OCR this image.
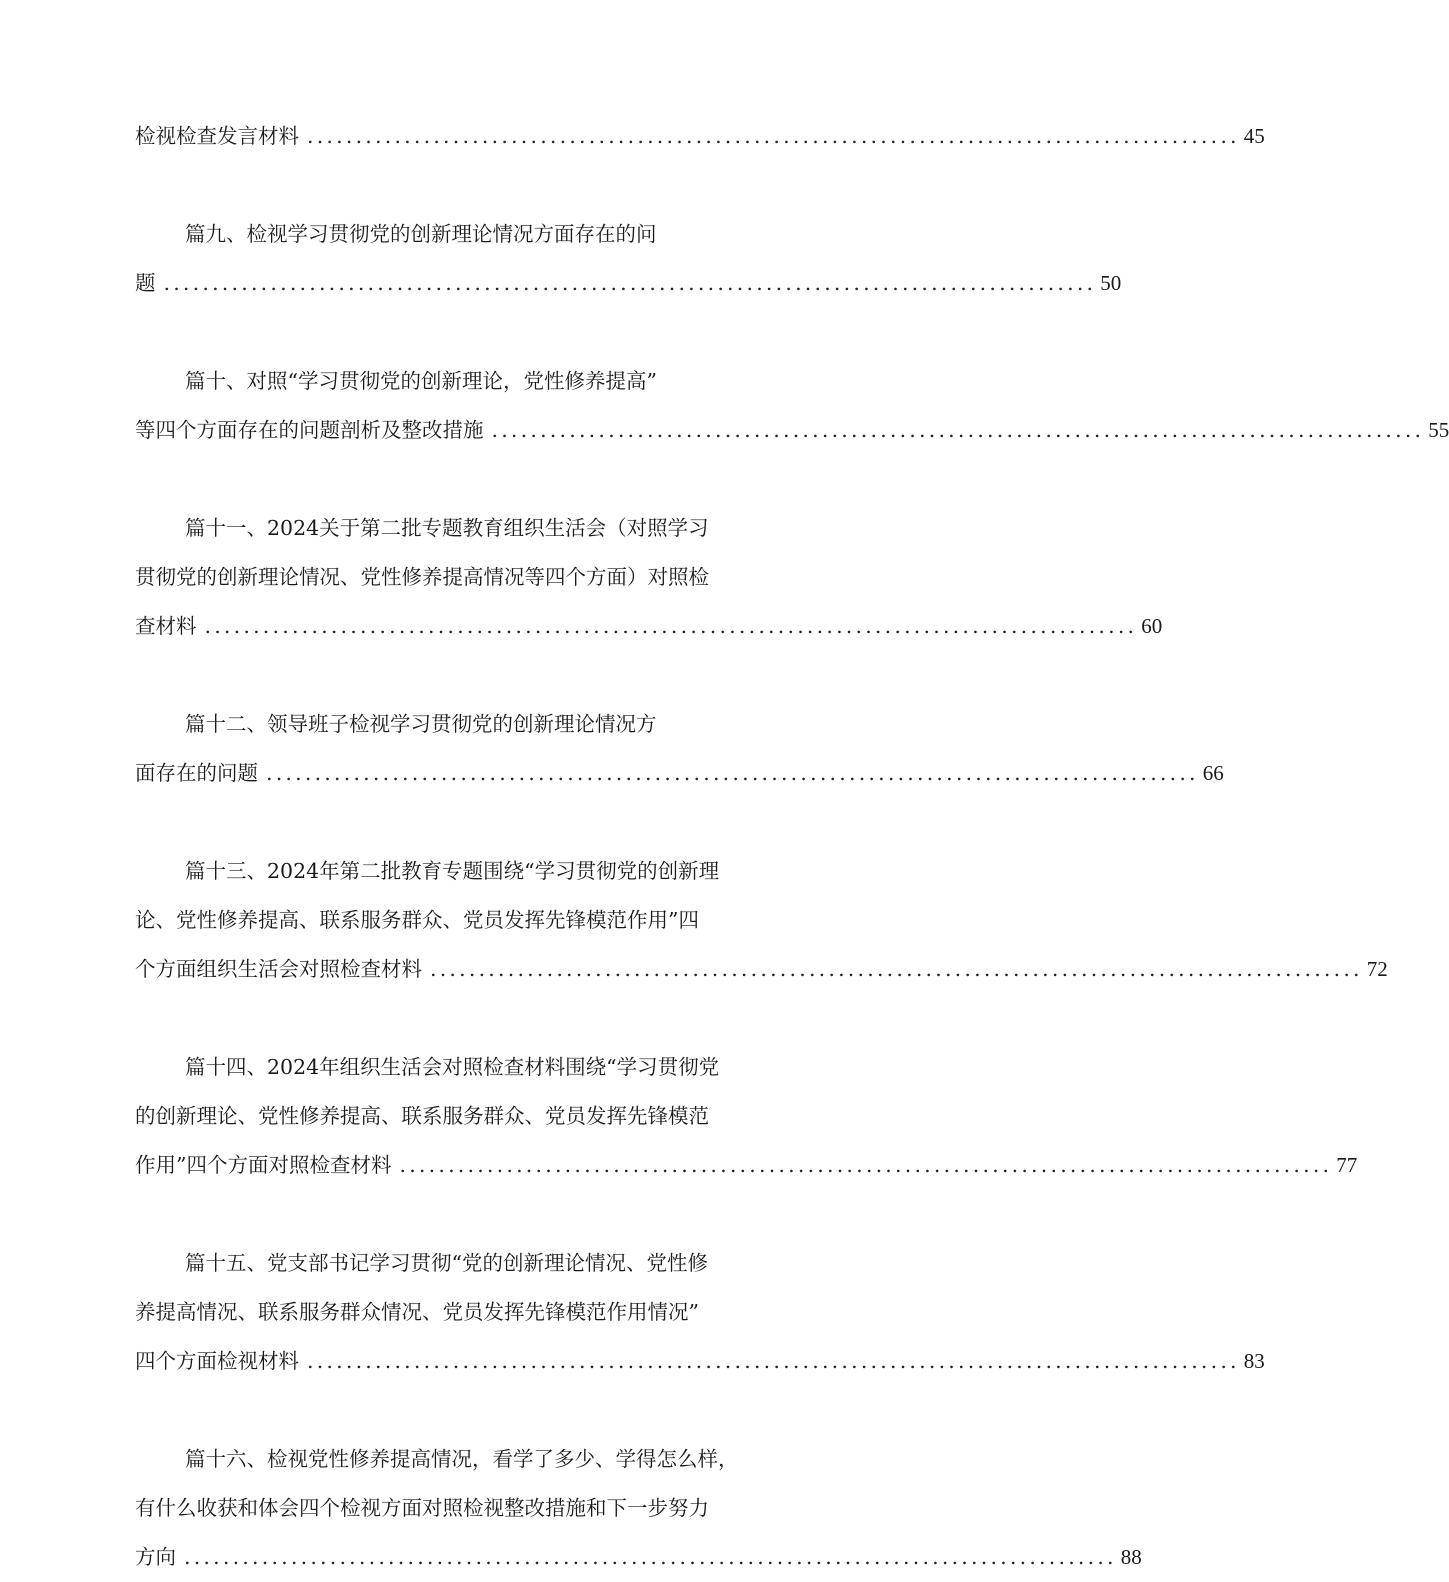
检视检查发言材料 ................................................................................................ 45
篇九、检视学习贯彻党的创新理论情况方面存在的问
题 ................................................................................................ 50
篇十、对照“学习贯彻党的创新理论，党性修养提高”
等四个方面存在的问题剖析及整改措施 ................................................................................................ 55
篇十一、2024关于第二批专题教育组织生活会（对照学习
贯彻党的创新理论情况、党性修养提高情况等四个方面）对照检
查材料 ................................................................................................ 60
篇十二、领导班子检视学习贯彻党的创新理论情况方
面存在的问题 ................................................................................................ 66
篇十三、2024年第二批教育专题围绕“学习贯彻党的创新理
论、党性修养提高、联系服务群众、党员发挥先锋模范作用”四
个方面组织生活会对照检查材料 ................................................................................................ 72
篇十四、2024年组织生活会对照检查材料围绕“学习贯彻党
的创新理论、党性修养提高、联系服务群众、党员发挥先锋模范
作用”四个方面对照检查材料 ................................................................................................ 77
篇十五、党支部书记学习贯彻“党的创新理论情况、党性修
养提高情况、联系服务群众情况、党员发挥先锋模范作用情况”
四个方面检视材料 ................................................................................................ 83
篇十六、检视党性修养提高情况，看学了多少、学得怎么样，
有什么收获和体会四个检视方面对照检视整改措施和下一步努力
方向 ................................................................................................ 88
